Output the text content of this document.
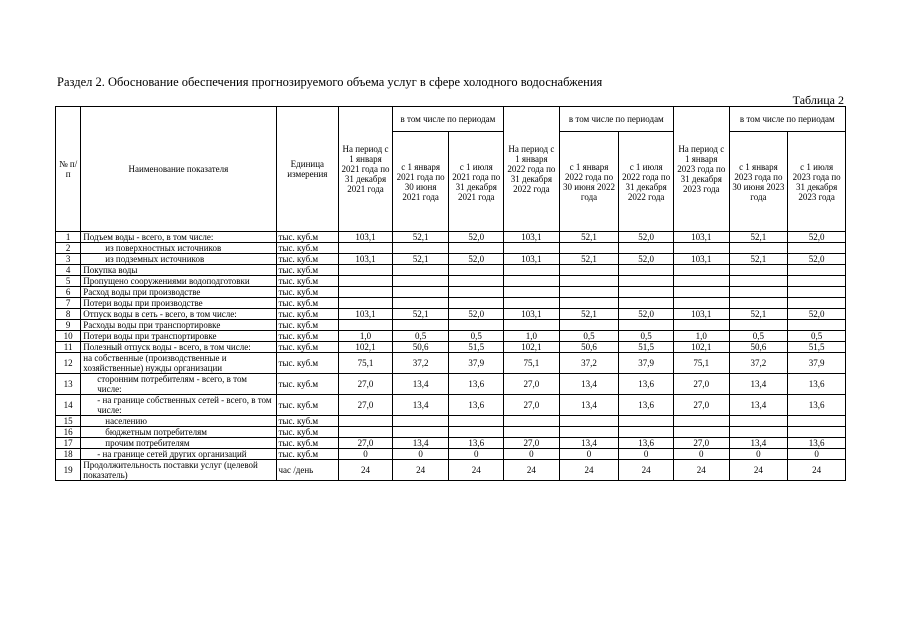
Раздел 2. Обоснование обеспечения прогнозируемого объема услуг в сфере холодного водоснабжения
Таблица 2
№ п/п	Наименование показателя	Единица измерения	На период с 1 января 2021 года по 31 декабря 2021 года	в том числе по периодам		На период с 1 января 2022 года по 31 декабря 2022 года	в том числе по периодам		На период с 1 января 2023 года по 31 декабря 2023 года	в том числе по периодам	
				с 1 января 2021 года по 30 июня 2021 года	с 1 июля 2021 года по 31 декабря 2021 года		с 1 января 2022 года по 30 июня 2022 года	с 1 июля 2022 года по 31 декабря 2022 года		с 1 января 2023 года по 30 июня 2023 года	с 1 июля 2023 года по 31 декабря 2023 года
1	Подъем воды - всего, в том числе:	тыс. куб.м	103,1	52,1	52,0	103,1	52,1	52,0	103,1	52,1	52,0
2	из поверхностных источников	тыс. куб.м									
3	из подземных источников	тыс. куб.м	103,1	52,1	52,0	103,1	52,1	52,0	103,1	52,1	52,0
4	Покупка воды	тыс. куб.м									
5	Пропущено сооружениями водоподготовки	тыс. куб.м									
6	Расход воды при производстве	тыс. куб.м									
7	Потери воды при производстве	тыс. куб.м									
8	Отпуск воды в сеть - всего, в том числе:	тыс. куб.м	103,1	52,1	52,0	103,1	52,1	52,0	103,1	52,1	52,0
9	Расходы воды при транспортировке	тыс. куб.м									
10	Потери воды при транспортировке	тыс. куб.м	1,0	0,5	0,5	1,0	0,5	0,5	1,0	0,5	0,5
11	Полезный отпуск воды - всего, в том числе:	тыс. куб.м	102,1	50,6	51,5	102,1	50,6	51,5	102,1	50,6	51,5
12	на собственные (производственные и хозяйственные) нужды организации	тыс. куб.м	75,1	37,2	37,9	75,1	37,2	37,9	75,1	37,2	37,9
13	сторонним потребителям - всего, в том числе:	тыс. куб.м	27,0	13,4	13,6	27,0	13,4	13,6	27,0	13,4	13,6
14	- на границе собственных сетей - всего, в том числе:	тыс. куб.м	27,0	13,4	13,6	27,0	13,4	13,6	27,0	13,4	13,6
15	населению	тыс. куб.м									
16	бюджетным потребителям	тыс. куб.м									
17	прочим потребителям	тыс. куб.м	27,0	13,4	13,6	27,0	13,4	13,6	27,0	13,4	13,6
18	- на границе сетей других организаций	тыс. куб.м	0	0	0	0	0	0	0	0	0
19	Продолжительность поставки услуг (целевой показатель)	час /день	24	24	24	24	24	24	24	24	24
